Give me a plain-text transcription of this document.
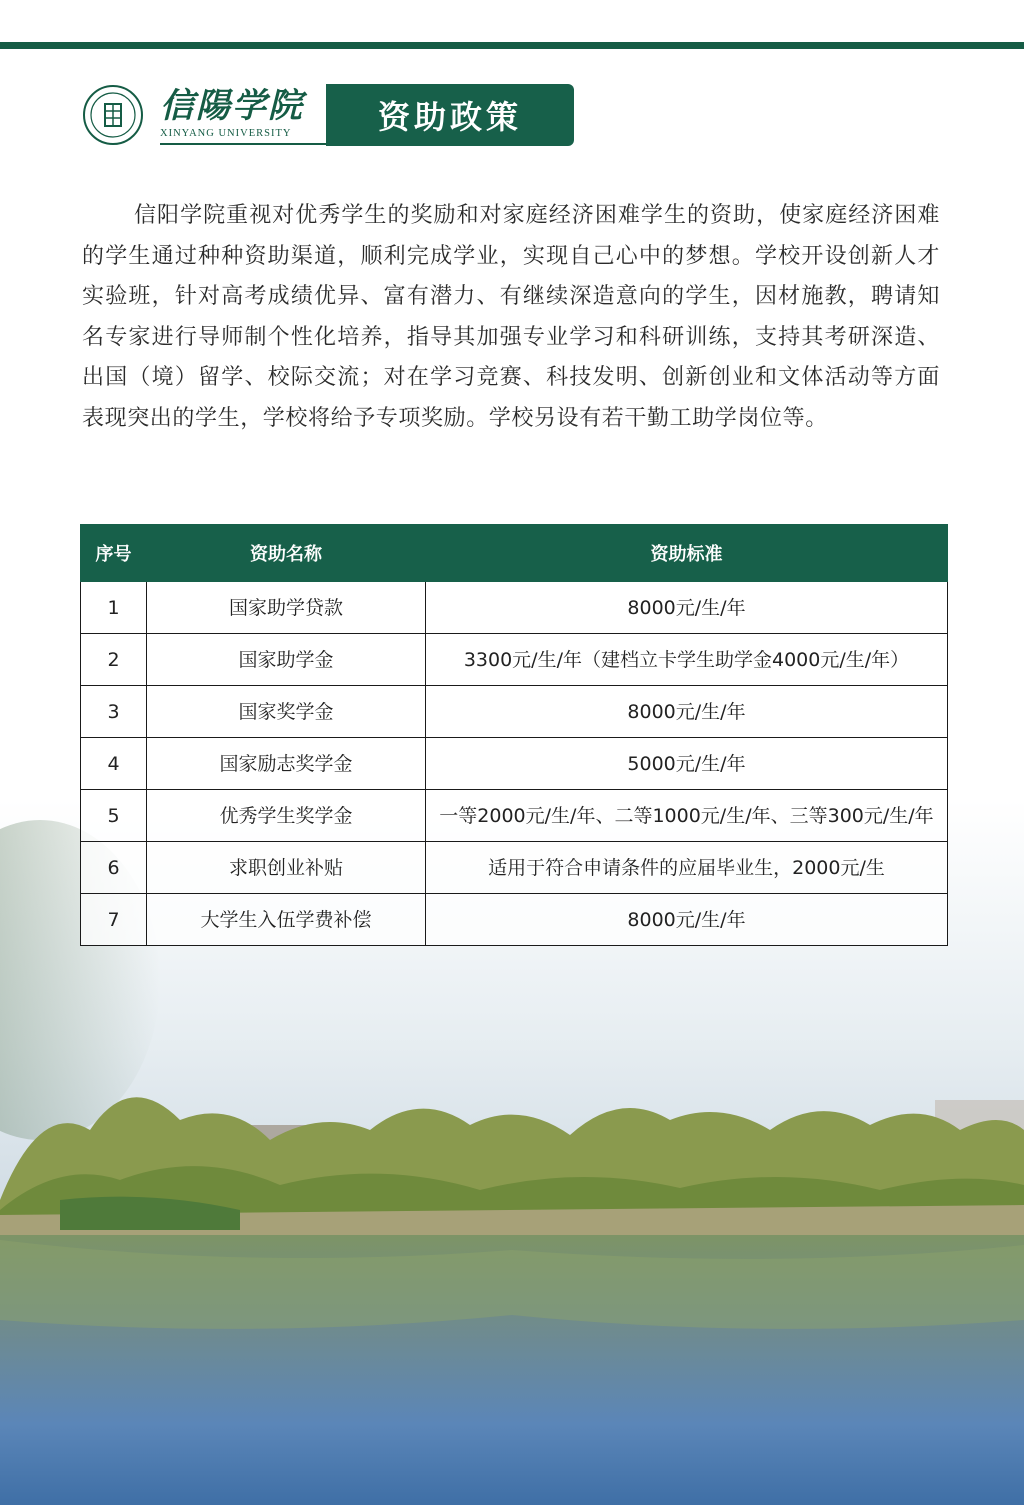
信陽学院
XINYANG UNIVERSITY	资助政策

信阳学院重视对优秀学生的奖励和对家庭经济困难学生的资助，使家庭经济困难的学生通过种种资助渠道，顺利完成学业，实现自己心中的梦想。学校开设创新人才实验班，针对高考成绩优异、富有潜力、有继续深造意向的学生，因材施教，聘请知名专家进行导师制个性化培养，指导其加强专业学习和科研训练，支持其考研深造、出国（境）留学、校际交流；对在学习竞赛、科技发明、创新创业和文体活动等方面表现突出的学生，学校将给予专项奖励。学校另设有若干勤工助学岗位等。

序号	资助名称	资助标准
1	国家助学贷款	8000元/生/年
2	国家助学金	3300元/生/年（建档立卡学生助学金4000元/生/年）
3	国家奖学金	8000元/生/年
4	国家励志奖学金	5000元/生/年
5	优秀学生奖学金	一等2000元/生/年、二等1000元/生/年、三等300元/生/年
6	求职创业补贴	适用于符合申请条件的应届毕业生，2000元/生
7	大学生入伍学费补偿	8000元/生/年
